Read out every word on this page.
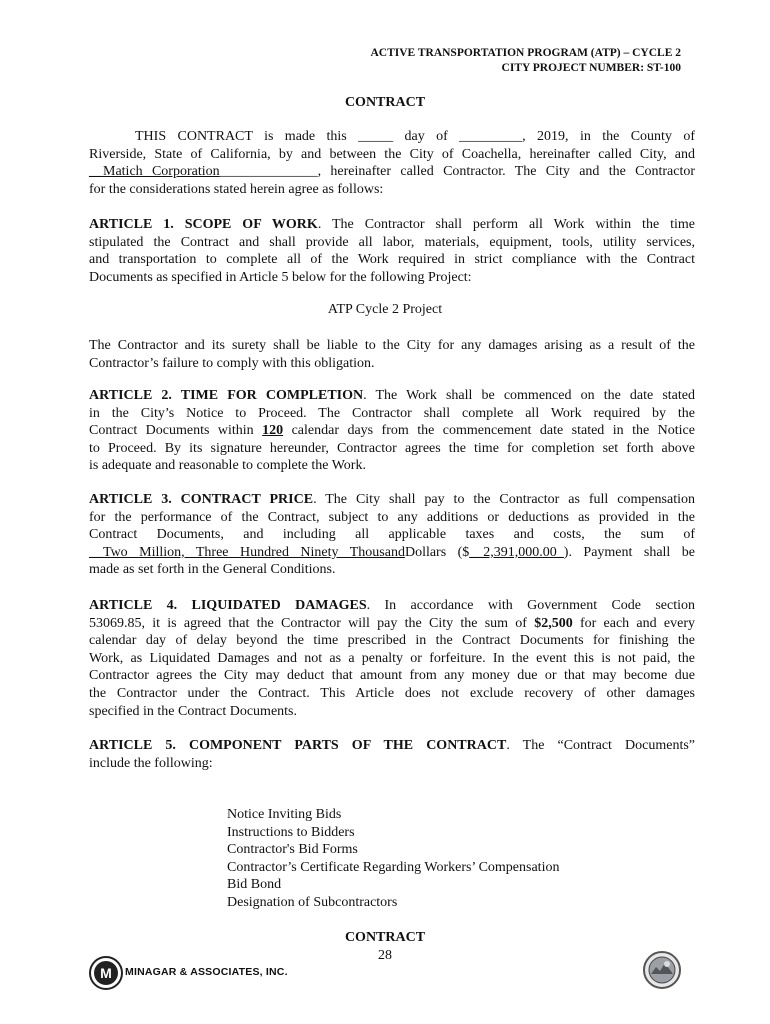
ACTIVE TRANSPORTATION PROGRAM (ATP) – CYCLE 2
CITY PROJECT NUMBER: ST-100
CONTRACT
THIS CONTRACT is made this _____ day of _________, 2019, in the County of
Riverside, State of California, by and between the City of Coachella, hereinafter called City, and
__Matich Corporation______________, hereinafter called Contractor. The City and the Contractor
for the considerations stated herein agree as follows:
ARTICLE 1. SCOPE OF WORK. The Contractor shall perform all Work within the time
stipulated the Contract and shall provide all labor, materials, equipment, tools, utility services,
and transportation to complete all of the Work required in strict compliance with the Contract
Documents as specified in Article 5 below for the following Project:
ATP Cycle 2 Project
The Contractor and its surety shall be liable to the City for any damages arising as a result of the
Contractor’s failure to comply with this obligation.
ARTICLE 2. TIME FOR COMPLETION. The Work shall be commenced on the date stated
in the City’s Notice to Proceed. The Contractor shall complete all Work required by the
Contract Documents within 120 calendar days from the commencement date stated in the Notice
to Proceed. By its signature hereunder, Contractor agrees the time for completion set forth above
is adequate and reasonable to complete the Work.
ARTICLE 3. CONTRACT PRICE. The City shall pay to the Contractor as full compensation
for the performance of the Contract, subject to any additions or deductions as provided in the
Contract Documents, and including all applicable taxes and costs, the sum of
__Two Million, Three Hundred Ninety ThousandDollars ($__2,391,000.00_). Payment shall be
made as set forth in the General Conditions.
ARTICLE 4. LIQUIDATED DAMAGES. In accordance with Government Code section
53069.85, it is agreed that the Contractor will pay the City the sum of $2,500 for each and every
calendar day of delay beyond the time prescribed in the Contract Documents for finishing the
Work, as Liquidated Damages and not as a penalty or forfeiture. In the event this is not paid, the
Contractor agrees the City may deduct that amount from any money due or that may become due
the Contractor under the Contract. This Article does not exclude recovery of other damages
specified in the Contract Documents.
ARTICLE 5. COMPONENT PARTS OF THE CONTRACT. The “Contract Documents”
include the following:
Notice Inviting Bids
Instructions to Bidders
Contractor's Bid Forms
Contractor’s Certificate Regarding Workers’ Compensation
Bid Bond
Designation of Subcontractors
CONTRACT
28
M MINAGAR & ASSOCIATES, INC.
